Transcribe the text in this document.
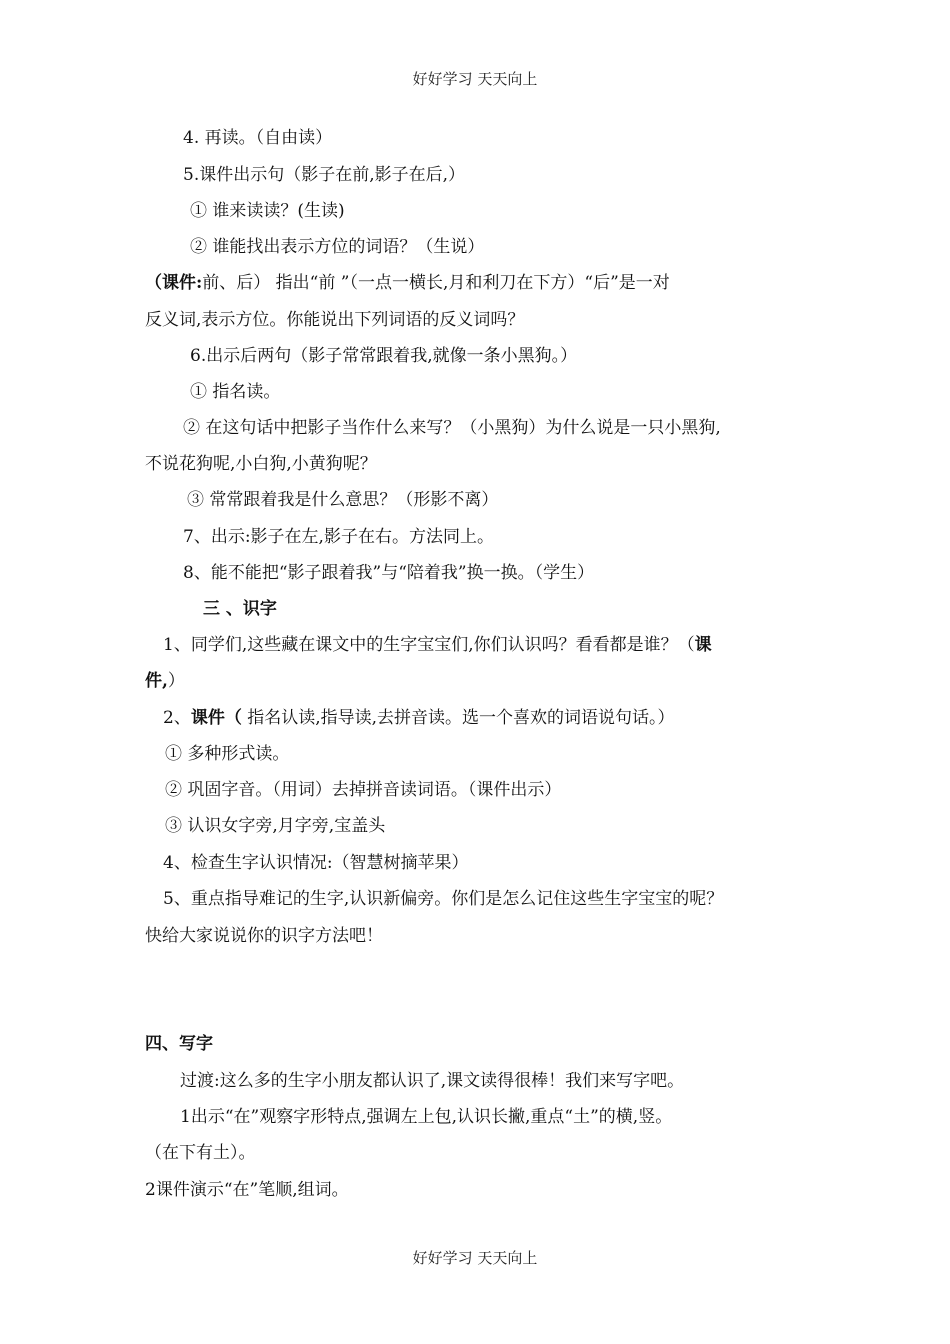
好好学习 天天向上
4. 再读。（自由读）
5.课件出示句（影子在前,影子在后,）
① 谁来读读？(生读)
② 谁能找出表示方位的词语？（生说）
（课件:前、后） 指出“前 ”（一点一横长,月和利刀在下方）“后”是一对
反义词,表示方位。你能说出下列词语的反义词吗？
6.出示后两句（影子常常跟着我,就像一条小黑狗。）
① 指名读。
② 在这句话中把影子当作什么来写？（小黑狗）为什么说是一只小黑狗,
不说花狗呢,小白狗,小黄狗呢？
③ 常常跟着我是什么意思？（形影不离）
7、出示:影子在左,影子在右。方法同上。
8、能不能把“影子跟着我”与“陪着我”换一换。（学生）
三 、识字
1、同学们,这些藏在课文中的生字宝宝们,你们认识吗？看看都是谁？（课
件,）
2、课件（ 指名认读,指导读,去拼音读。选一个喜欢的词语说句话。）
① 多种形式读。
② 巩固字音。（用词）去掉拼音读词语。（课件出示）
③ 认识女字旁,月字旁,宝盖头
4、检查生字认识情况:（智慧树摘苹果）
5、重点指导难记的生字,认识新偏旁。你们是怎么记住这些生字宝宝的呢？
快给大家说说你的识字方法吧！
四、写字
过渡:这么多的生字小朋友都认识了,课文读得很棒！我们来写字吧。
1出示“在”观察字形特点,强调左上包,认识长撇,重点“土”的横,竖。
（在下有土）。
2课件演示“在”笔顺,组词。
好好学习 天天向上
